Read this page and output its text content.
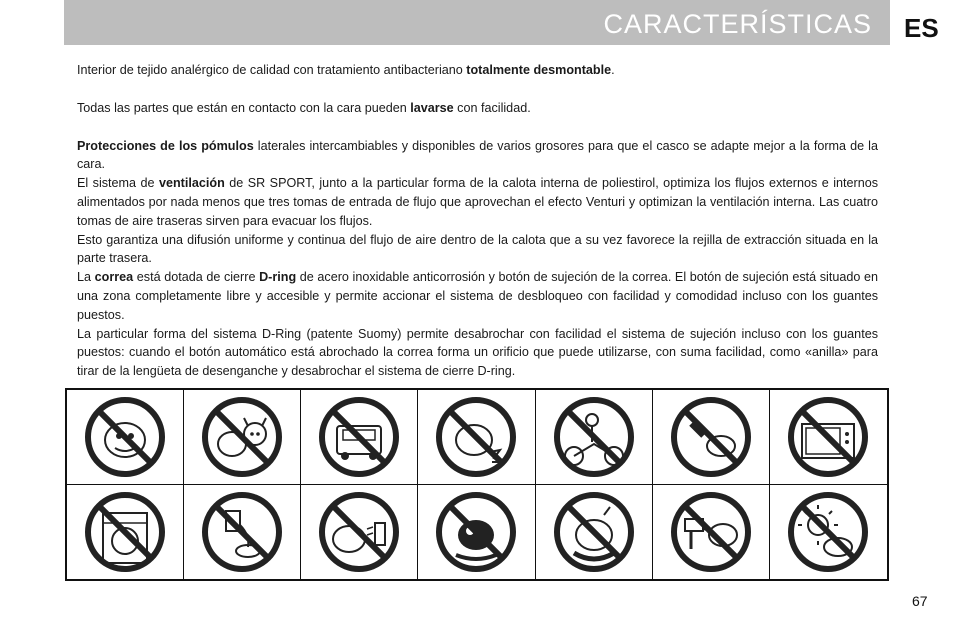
CARACTERÍSTICAS ES

Interior de tejido analérgico de calidad con tratamiento antibacteriano totalmente desmontable.

Todas las partes que están en contacto con la cara pueden lavarse con facilidad.

Protecciones de los pómulos laterales intercambiables y disponibles de varios grosores para que el casco se adapte mejor a la forma de la cara.

El sistema de ventilación de SR SPORT, junto a la particular forma de la calota interna de poliestirol, optimiza los flujos externos e internos alimentados por nada menos que tres tomas de entrada de flujo que aprovechan el efecto Venturi y optimizan la ventilación interna. Las cuatro tomas de aire traseras sirven para evacuar los flujos.

Esto garantiza una difusión uniforme y continua del flujo de aire dentro de la calota que a su vez favorece la rejilla de extracción situada en la parte trasera.

La correa está dotada de cierre D-ring de acero inoxidable anticorrosión y botón de sujeción de la correa. El botón de sujeción está situado en una zona completamente libre y accesible y permite accionar el sistema de desbloqueo con facilidad y comodidad incluso con los guantes puestos.

La particular forma del sistema D-Ring (patente Suomy) permite desabrochar con facilidad el sistema de sujeción incluso con los guantes puestos: cuando el botón automático está abrochado la correa forma un orificio que puede utilizarse, con suma facilidad, como «anilla» para tirar de la lengüeta de desenganche y desabrochar el sistema de cierre D-ring.

67
